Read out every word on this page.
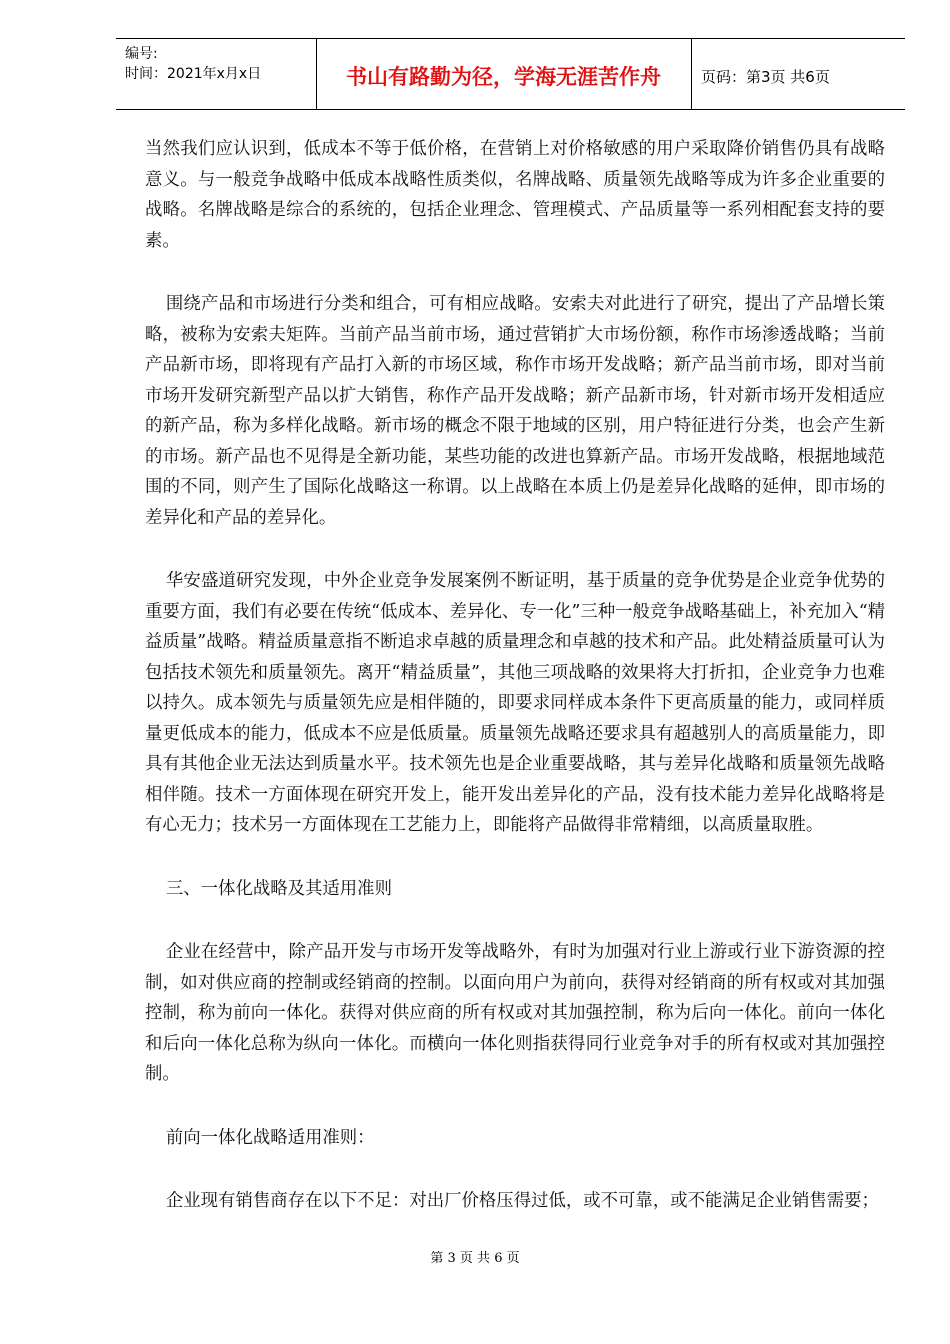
编号:
时间：2021年x月x日	书山有路勤为径，学海无涯苦作舟	页码：第3页 共6页

当然我们应认识到，低成本不等于低价格，在营销上对价格敏感的用户采取降价销售仍具有战略意义。与一般竞争战略中低成本战略性质类似，名牌战略、质量领先战略等成为许多企业重要的战略。名牌战略是综合的系统的，包括企业理念、管理模式、产品质量等一系列相配套支持的要素。

围绕产品和市场进行分类和组合，可有相应战略。安索夫对此进行了研究，提出了产品增长策略，被称为安索夫矩阵。当前产品当前市场，通过营销扩大市场份额，称作市场渗透战略；当前产品新市场，即将现有产品打入新的市场区域，称作市场开发战略；新产品当前市场，即对当前市场开发研究新型产品以扩大销售，称作产品开发战略；新产品新市场，针对新市场开发相适应的新产品，称为多样化战略。新市场的概念不限于地域的区别，用户特征进行分类，也会产生新的市场。新产品也不见得是全新功能，某些功能的改进也算新产品。市场开发战略，根据地域范围的不同，则产生了国际化战略这一称谓。以上战略在本质上仍是差异化战略的延伸，即市场的差异化和产品的差异化。

华安盛道研究发现，中外企业竞争发展案例不断证明，基于质量的竞争优势是企业竞争优势的重要方面，我们有必要在传统“低成本、差异化、专一化”三种一般竞争战略基础上，补充加入“精益质量”战略。精益质量意指不断追求卓越的质量理念和卓越的技术和产品。此处精益质量可认为包括技术领先和质量领先。离开“精益质量”，其他三项战略的效果将大打折扣，企业竞争力也难以持久。成本领先与质量领先应是相伴随的，即要求同样成本条件下更高质量的能力，或同样质量更低成本的能力，低成本不应是低质量。质量领先战略还要求具有超越别人的高质量能力，即具有其他企业无法达到质量水平。技术领先也是企业重要战略，其与差异化战略和质量领先战略相伴随。技术一方面体现在研究开发上，能开发出差异化的产品，没有技术能力差异化战略将是有心无力；技术另一方面体现在工艺能力上，即能将产品做得非常精细，以高质量取胜。

三、一体化战略及其适用准则

企业在经营中，除产品开发与市场开发等战略外，有时为加强对行业上游或行业下游资源的控制，如对供应商的控制或经销商的控制。以面向用户为前向，获得对经销商的所有权或对其加强控制，称为前向一体化。获得对供应商的所有权或对其加强控制，称为后向一体化。前向一体化和后向一体化总称为纵向一体化。而横向一体化则指获得同行业竞争对手的所有权或对其加强控制。

前向一体化战略适用准则：

企业现有销售商存在以下不足：对出厂价格压得过低，或不可靠，或不能满足企业销售需要；

第 3 页 共 6 页
